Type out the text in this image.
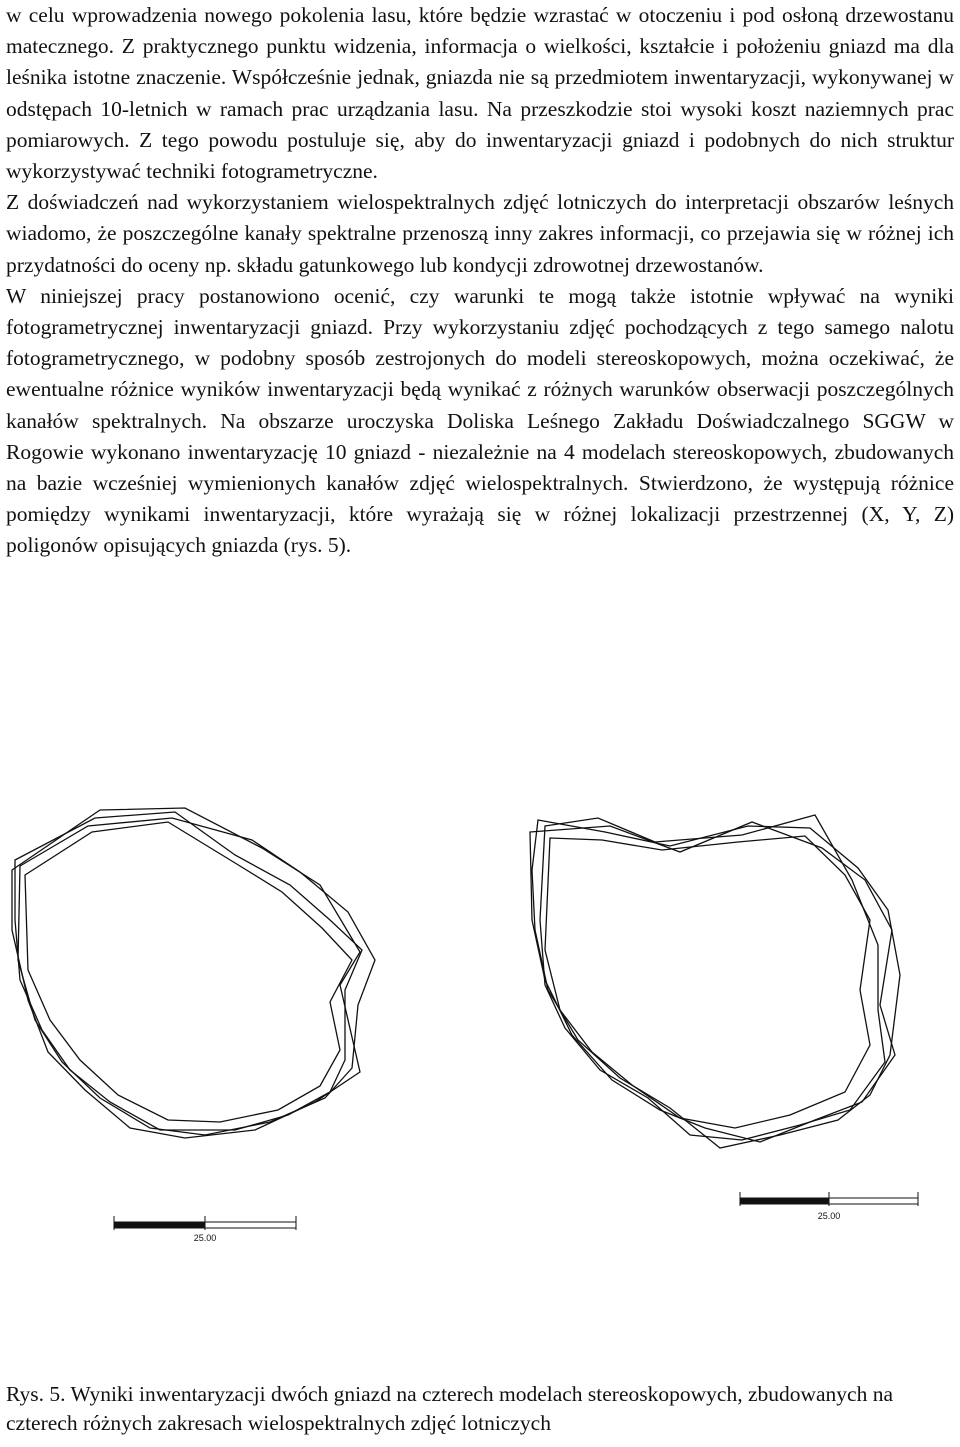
w celu wprowadzenia nowego pokolenia lasu, które będzie wzrastać w otoczeniu i pod osłoną drzewostanu matecznego. Z praktycznego punktu widzenia, informacja o wielkości, kształcie i położeniu gniazd ma dla leśnika istotne znaczenie. Współcześnie jednak, gniazda nie są przedmiotem inwentaryzacji, wykonywanej w odstępach 10-letnich w ramach prac urządzania lasu. Na przeszkodzie stoi wysoki koszt naziemnych prac pomiarowych. Z tego powodu postuluje się, aby do inwentaryzacji gniazd i podobnych do nich struktur wykorzystywać techniki fotogrametryczne.

Z doświadczeń nad wykorzystaniem wielospektralnych zdjęć lotniczych do interpretacji obszarów leśnych wiadomo, że poszczególne kanały spektralne przenoszą inny zakres informacji, co przejawia się w różnej ich przydatności do oceny np. składu gatunkowego lub kondycji zdrowotnej drzewostanów.

W niniejszej pracy postanowiono ocenić, czy warunki te mogą także istotnie wpływać na wyniki fotogrametrycznej inwentaryzacji gniazd. Przy wykorzystaniu zdjęć pochodzących z tego samego nalotu fotogrametrycznego, w podobny sposób zestrojonych do modeli stereoskopowych, można oczekiwać, że ewentualne różnice wyników inwentaryzacji będą wynikać z różnych warunków obserwacji poszczególnych kanałów spektralnych. Na obszarze uroczyska Doliska Leśnego Zakładu Doświadczalnego SGGW w Rogowie wykonano inwentaryzację 10 gniazd - niezależnie na 4 modelach stereoskopowych, zbudowanych na bazie wcześniej wymienionych kanałów zdjęć wielospektralnych. Stwierdzono, że występują różnice pomiędzy wynikami inwentaryzacji, które wyrażają się w różnej lokalizacji przestrzennej (X, Y, Z) poligonów opisujących gniazda (rys. 5).

25.00
25.00
Rys. 5. Wyniki inwentaryzacji dwóch gniazd na czterech modelach stereoskopowych, zbudowanych na czterech różnych zakresach wielospektralnych zdjęć lotniczych
